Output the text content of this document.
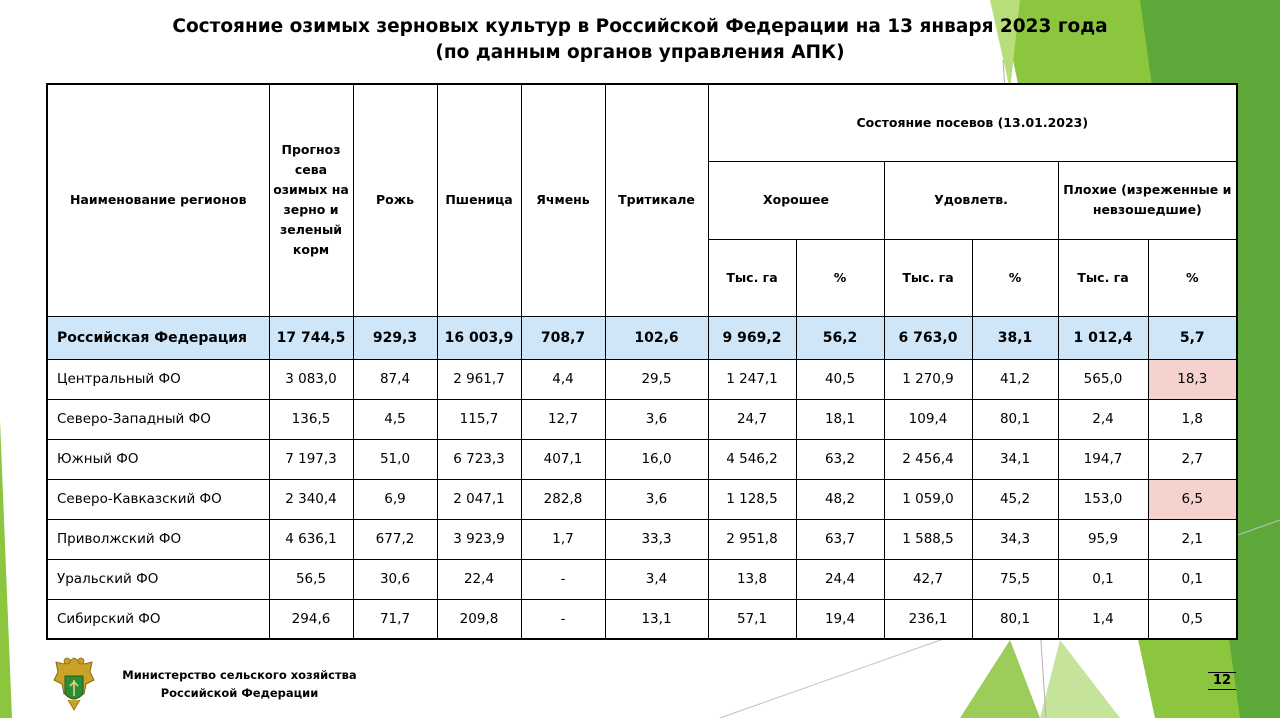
Состояние озимых зерновых культур в Российской Федерации на 13 января 2023 года
(по данным органов управления АПК)
Наименование регионов	Прогноз сева озимых на зерно и зеленый корм	Рожь	Пшеница	Ячмень	Тритикале	Состояние посевов (13.01.2023)					
						Хорошее		Удовлетв.		Плохие (изреженные и невзошедшие)	
						Тыс. га	%	Тыс. га	%	Тыс. га	%
Российская Федерация	17 744,5	929,3	16 003,9	708,7	102,6	9 969,2	56,2	6 763,0	38,1	1 012,4	5,7
Центральный ФО	3 083,0	87,4	2 961,7	4,4	29,5	1 247,1	40,5	1 270,9	41,2	565,0	18,3
Северо-Западный ФО	136,5	4,5	115,7	12,7	3,6	24,7	18,1	109,4	80,1	2,4	1,8
Южный ФО	7 197,3	51,0	6 723,3	407,1	16,0	4 546,2	63,2	2 456,4	34,1	194,7	2,7
Северо-Кавказский ФО	2 340,4	6,9	2 047,1	282,8	3,6	1 128,5	48,2	1 059,0	45,2	153,0	6,5
Приволжский ФО	4 636,1	677,2	3 923,9	1,7	33,3	2 951,8	63,7	1 588,5	34,3	95,9	2,1
Уральский ФО	56,5	30,6	22,4	-	3,4	13,8	24,4	42,7	75,5	0,1	0,1
Сибирский ФО	294,6	71,7	209,8	-	13,1	57,1	19,4	236,1	80,1	1,4	0,5
Министерство сельского хозяйства
Российской Федерации
12
